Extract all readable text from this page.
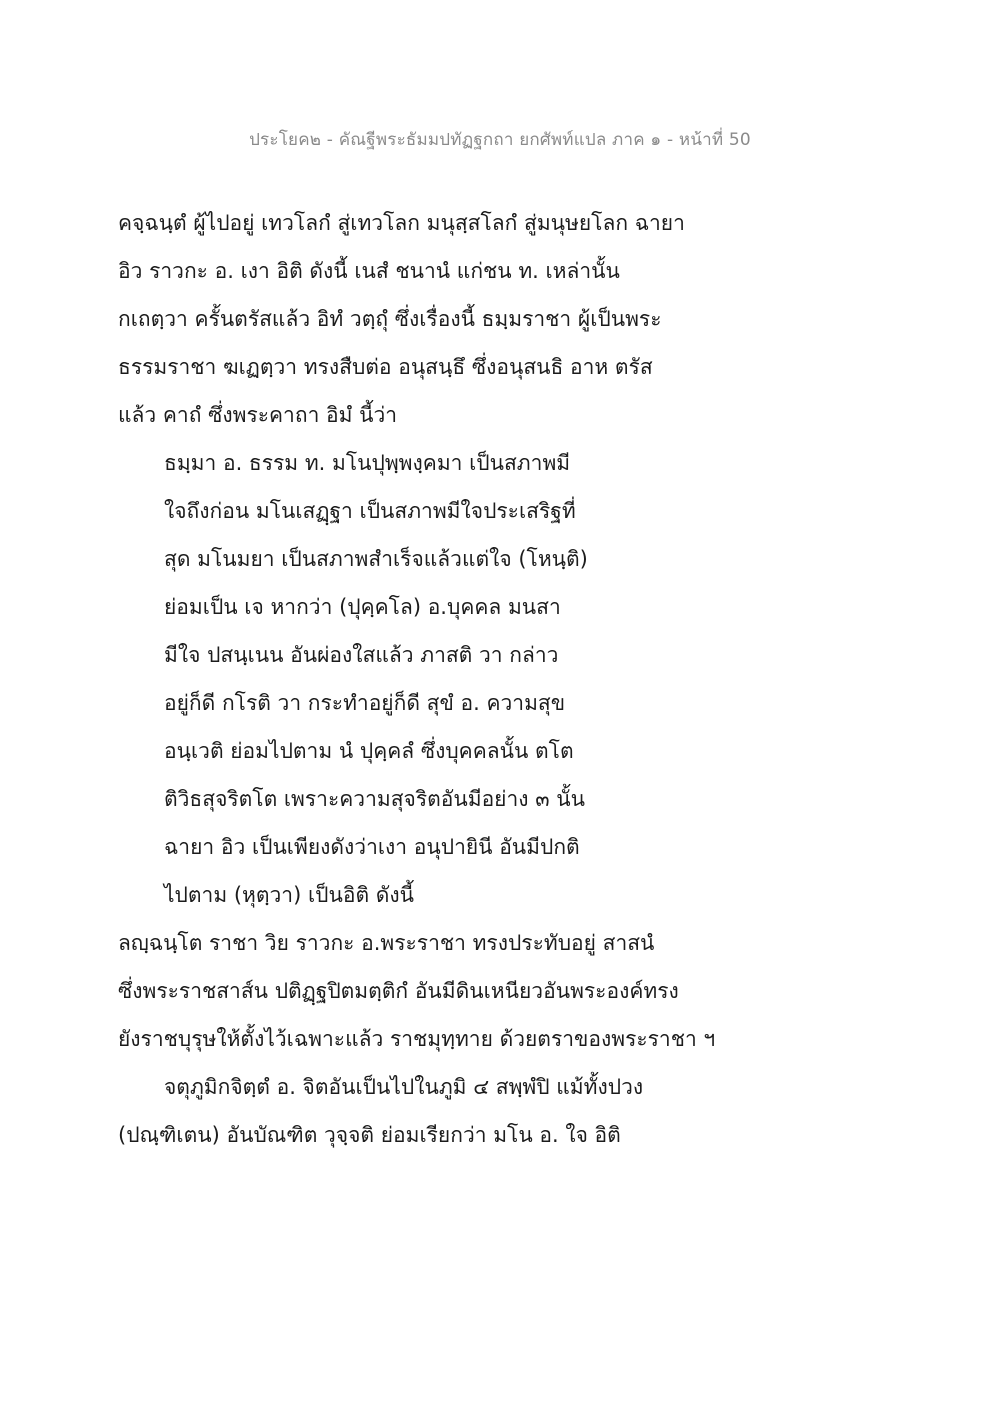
ประโยค๒ - คัณฐีพระธัมมปทัฏฐกถา ยกศัพท์แปล ภาค ๑ - หน้าที่ 50
คจฺฉนฺตํ ผู้ไปอยู่ เทวโลกํ สู่เทวโลก มนุสฺสโลกํ สู่มนุษยโลก ฉายา
อิว ราวกะ อ. เงา อิติ ดังนี้ เนสํ ชนานํ แก่ชน ท. เหล่านั้น
กเถตฺวา ครั้นตรัสแล้ว อิทํ วตฺถุํ ซึ่งเรื่องนี้ ธมฺมราชา ผู้เป็นพระ
ธรรมราชา ฆเฏตฺวา ทรงสืบต่อ อนุสนฺธึ ซึ่งอนุสนธิ อาห ตรัส
แล้ว คาถํ ซึ่งพระคาถา อิมํ นี้ว่า
ธมฺมา อ. ธรรม ท. มโนปุพฺพงฺคมา เป็นสภาพมี
ใจถึงก่อน มโนเสฏฺฐา เป็นสภาพมีใจประเสริฐที่
สุด มโนมยา เป็นสภาพสำเร็จแล้วแต่ใจ (โหนฺติ)
ย่อมเป็น เจ หากว่า (ปุคฺคโล) อ.บุคคล มนสา
มีใจ ปสนฺเนน อันผ่องใสแล้ว ภาสติ วา กล่าว
อยู่ก็ดี กโรติ วา กระทำอยู่ก็ดี สุขํ อ. ความสุข
อนฺเวติ ย่อมไปตาม นํ ปุคฺคลํ ซึ่งบุคคลนั้น ตโต
ติวิธสุจริตโต เพราะความสุจริตอันมีอย่าง ๓ นั้น
ฉายา อิว เป็นเพียงดังว่าเงา อนุปายินี อันมีปกติ
ไปตาม (หุตฺวา) เป็นอิติ ดังนี้
ลญฺฉนฺโต ราชา วิย ราวกะ อ.พระราชา ทรงประทับอยู่ สาสนํ
ซึ่งพระราชสาส์น ปติฏฺฐปิตมตฺติกํ อันมีดินเหนียวอันพระองค์ทรง
ยังราชบุรุษให้ตั้งไว้เฉพาะแล้ว ราชมุทฺทาย ด้วยตราของพระราชา ฯ
จตุภูมิกจิตฺตํ อ. จิตอันเป็นไปในภูมิ ๔ สพฺพํปิ แม้ทั้งปวง
(ปณฺฑิเตน) อันบัณฑิต วุจฺจติ ย่อมเรียกว่า มโน อ. ใจ อิติ
